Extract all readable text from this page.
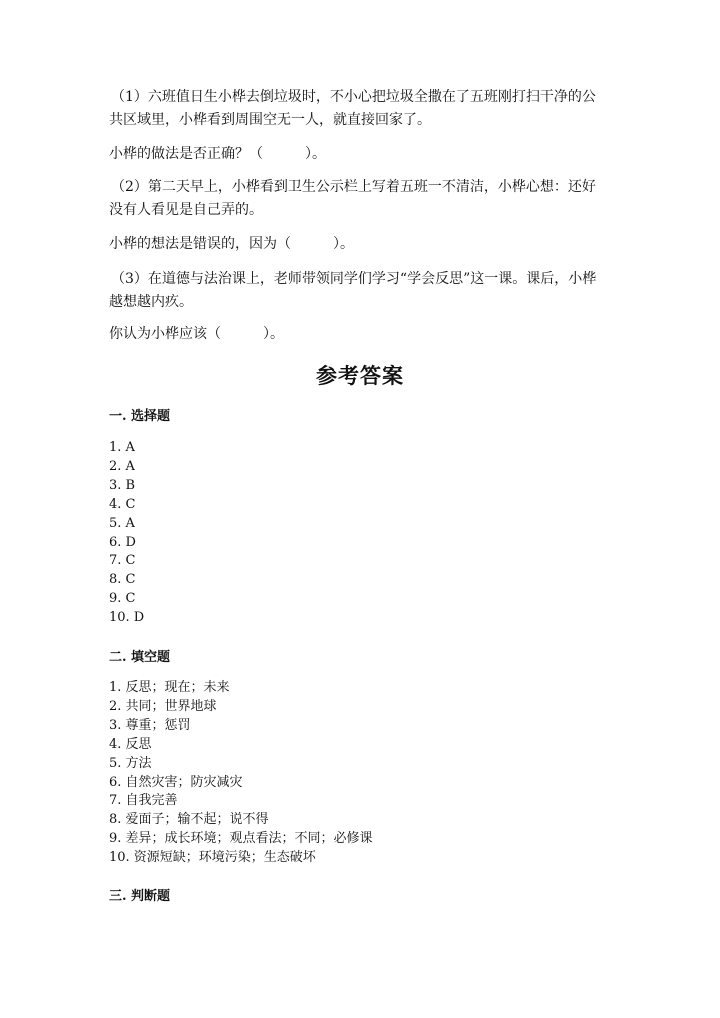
（1）六班值日生小桦去倒垃圾时，不小心把垃圾全撒在了五班刚打扫干净的公共区域里，小桦看到周围空无一人，就直接回家了。

小桦的做法是否正确？（　　　）。

（2）第二天早上，小桦看到卫生公示栏上写着五班一不清洁，小桦心想：还好没有人看见是自己弄的。

小桦的想法是错误的，因为（　　　）。

（3）在道德与法治课上，老师带领同学们学习“学会反思”这一课。课后，小桦越想越内疚。

你认为小桦应该（　　　）。

参考答案
一. 选择题
1. A
2. A
3. B
4. C
5. A
6. D
7. C
8. C
9. C
10. D
二. 填空题
1. 反思；现在；未来
2. 共同；世界地球
3. 尊重；惩罚
4. 反思
5. 方法
6. 自然灾害；防灾减灾
7. 自我完善
8. 爱面子；输不起；说不得
9. 差异；成长环境；观点看法；不同；必修课
10. 资源短缺；环境污染；生态破坏
三. 判断题
